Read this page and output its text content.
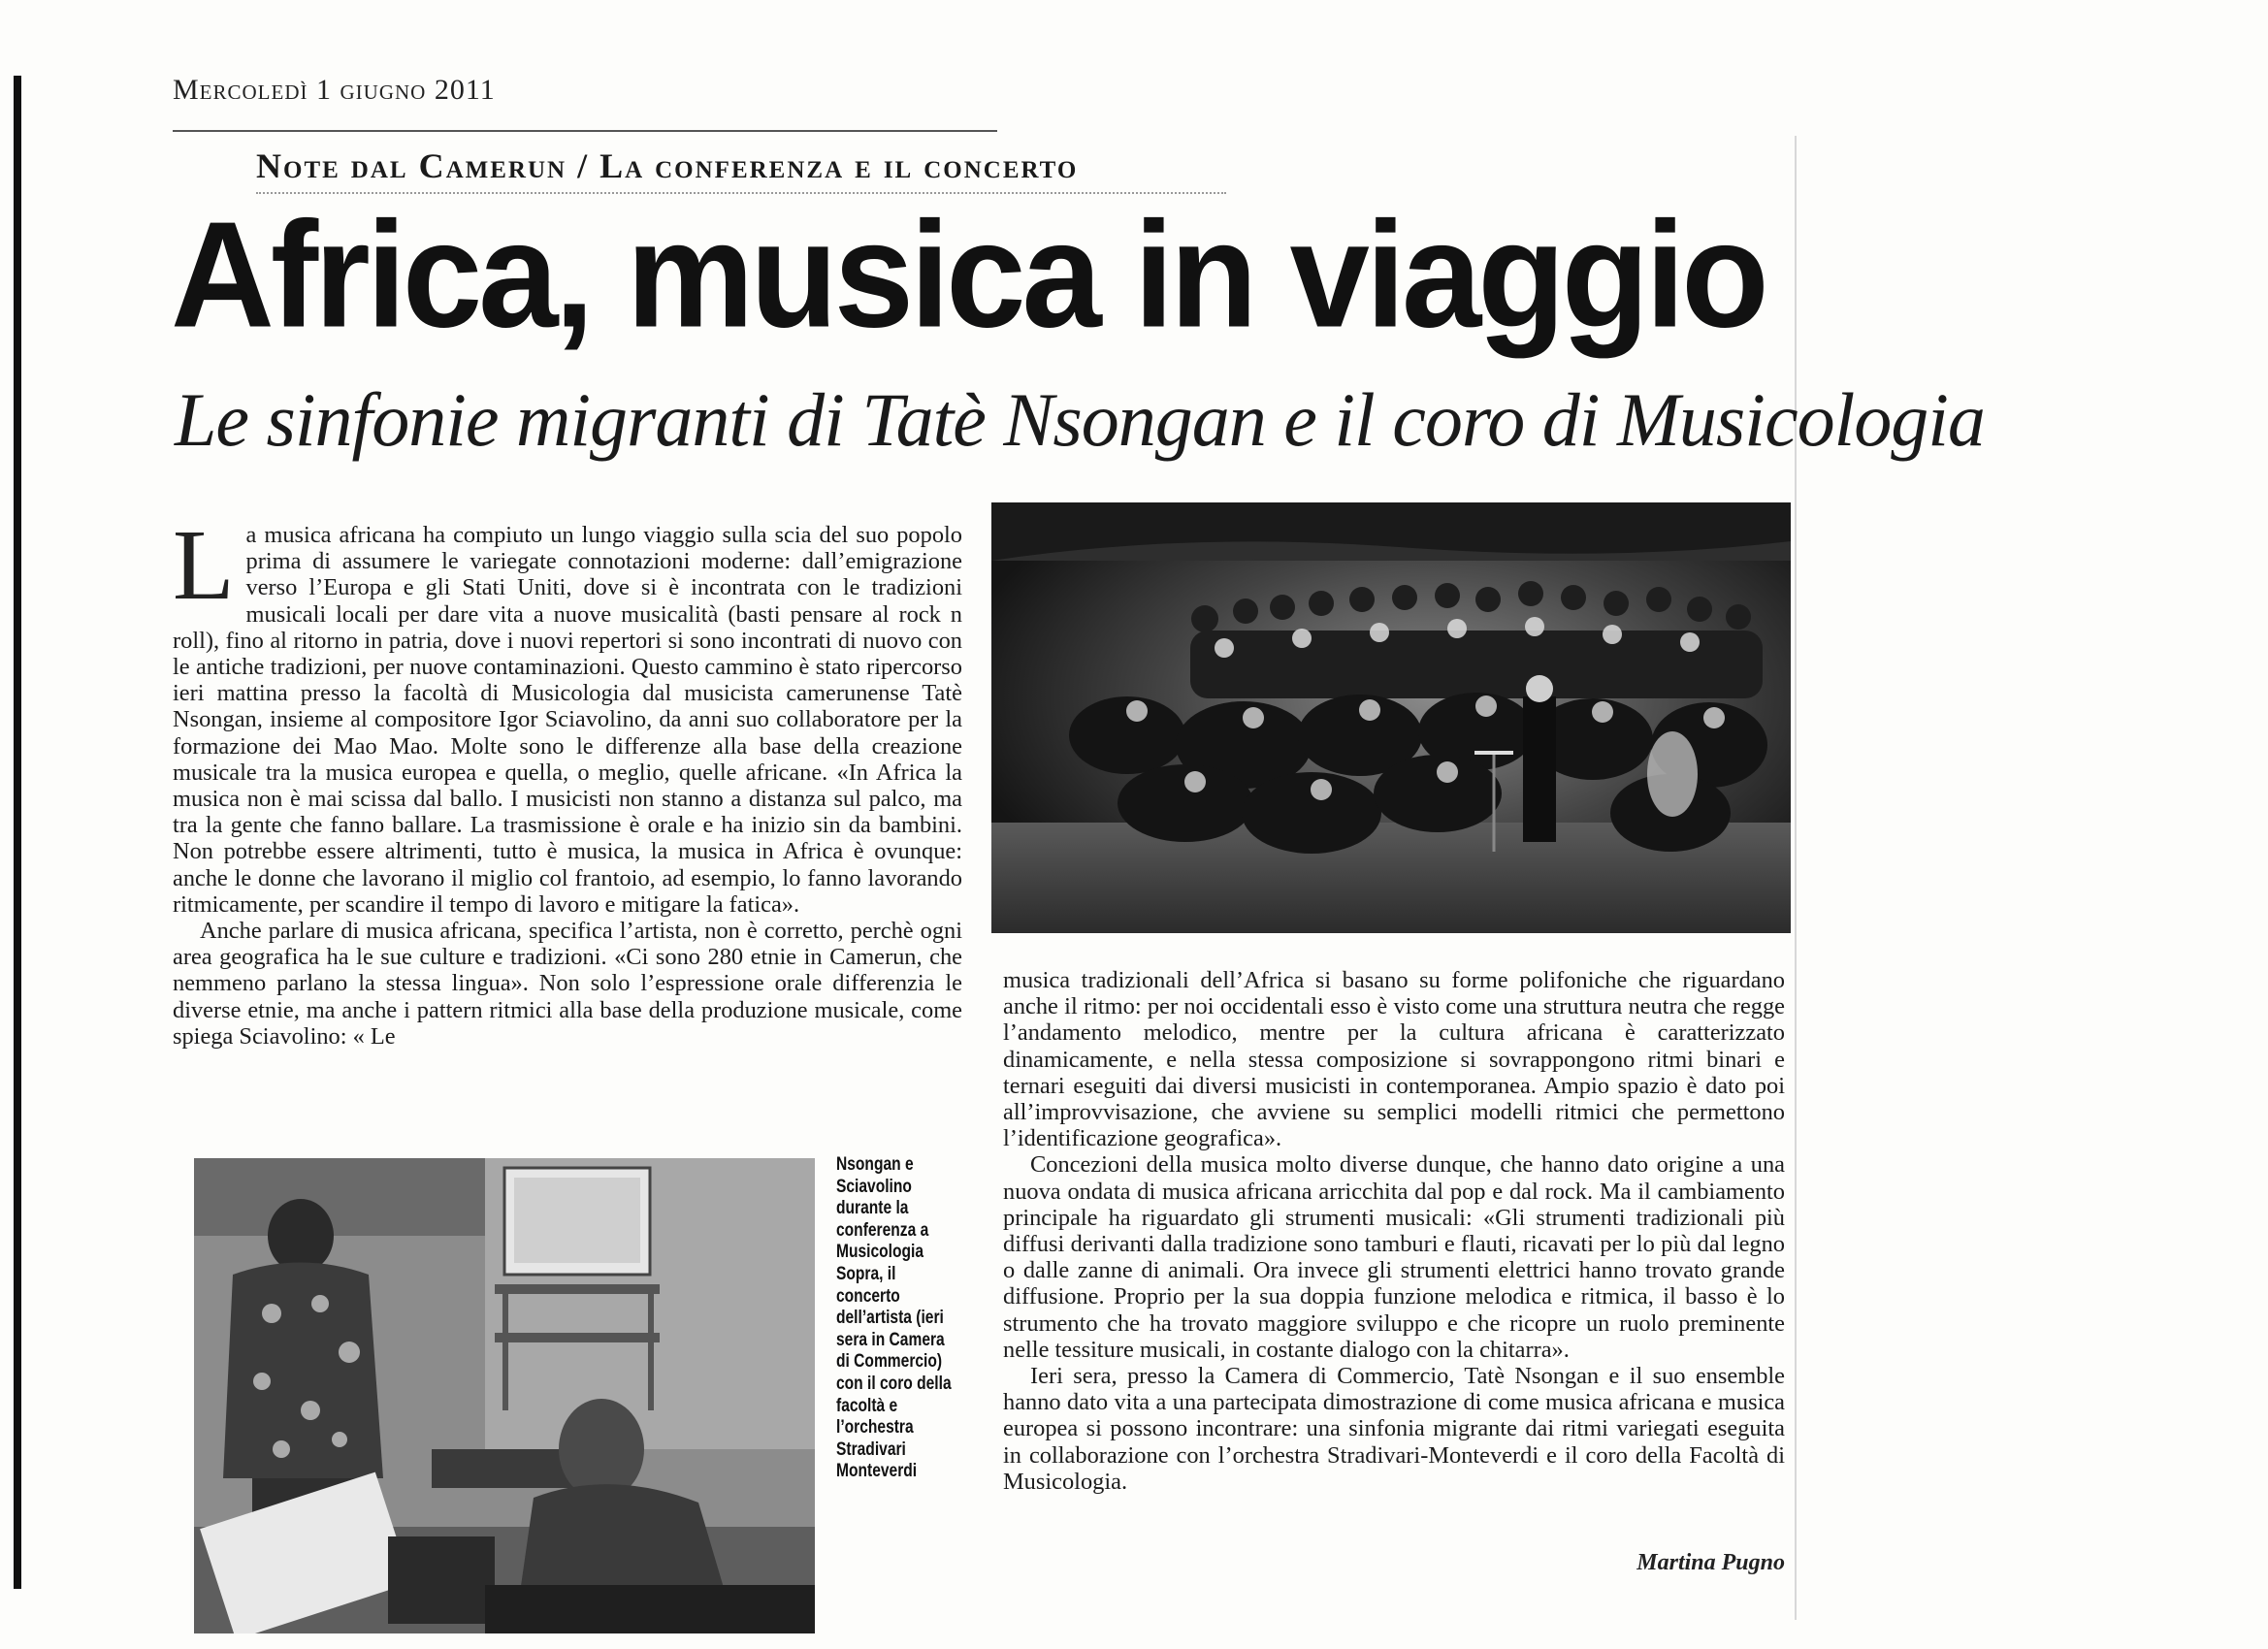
Mercoledì 1 giugno 2011
Note dal Camerun / La conferenza e il concerto
Africa, musica in viaggio
Le sinfonie migranti di Tatè Nsongan e il coro di Musicologia

La musica africana ha compiuto un lungo viaggio sulla scia del suo popolo prima di assumere le variegate connotazioni moderne: dall’emigrazione verso l’Europa e gli Stati Uniti, dove si è incontrata con le tradizioni musicali locali per dare vita a nuove musicalità (basti pensare al rock n roll), fino al ritorno in patria, dove i nuovi repertori si sono incontrati di nuovo con le antiche tradizioni, per nuove contaminazioni. Questo cammino è stato ripercorso ieri mattina presso la facoltà di Musicologia dal musicista camerunense Tatè Nsongan, insieme al compositore Igor Sciavolino, da anni suo collaboratore per la formazione dei Mao Mao. Molte sono le differenze alla base della creazione musicale tra la musica europea e quella, o meglio, quelle africane. «In Africa la musica non è mai scissa dal ballo. I musicisti non stanno a distanza sul palco, ma tra la gente che fanno ballare. La trasmissione è orale e ha inizio sin da bambini. Non potrebbe essere altrimenti, tutto è musica, la musica in Africa è ovunque: anche le donne che lavorano il miglio col frantoio, ad esempio, lo fanno lavorando ritmicamente, per scandire il tempo di lavoro e mitigare la fatica».

Anche parlare di musica africana, specifica l’artista, non è corretto, perchè ogni area geografica ha le sue culture e tradizioni. «Ci sono 280 etnie in Camerun, che nemmeno parlano la stessa lingua». Non solo l’espressione orale differenzia le diverse etnie, ma anche i pattern ritmici alla base della produzione musicale, come spiega Sciavolino: « Le

musica tradizionali dell’Africa si basano su forme polifoniche che riguardano anche il ritmo: per noi occidentali esso è visto come una struttura neutra che regge l’andamento melodico, mentre per la cultura africana è caratterizzato dinamicamente, e nella stessa composizione si sovrappongono ritmi binari e ternari eseguiti dai diversi musicisti in contemporanea. Ampio spazio è dato poi all’improvvisazione, che avviene su semplici modelli ritmici che permettono l’identificazione geografica».

Concezioni della musica molto diverse dunque, che hanno dato origine a una nuova ondata di musica africana arricchita dal pop e dal rock. Ma il cambiamento principale ha riguardato gli strumenti musicali: «Gli strumenti tradizionali più diffusi derivanti dalla tradizione sono tamburi e flauti, ricavati per lo più dal legno o dalle zanne di animali. Ora invece gli strumenti elettrici hanno trovato grande diffusione. Proprio per la sua doppia funzione melodica e ritmica, il basso è lo strumento che ha trovato maggiore sviluppo e che ricopre un ruolo preminente nelle tessiture musicali, in costante dialogo con la chitarra».

Ieri sera, presso la Camera di Commercio, Tatè Nsongan e il suo ensemble hanno dato vita a una partecipata dimostrazione di come musica africana e musica europea si possono incontrare: una sinfonia migrante dai ritmi variegati eseguita in collaborazione con l’orchestra Stradivari-Monteverdi e il coro della Facoltà di Musicologia.

Martina Pugno
Nsongan e Sciavolino durante la conferenza a Musicologia Sopra, il concerto dell’artista (ieri sera in Camera di Commercio) con il coro della facoltà e l’orchestra Stradivari Monteverdi
